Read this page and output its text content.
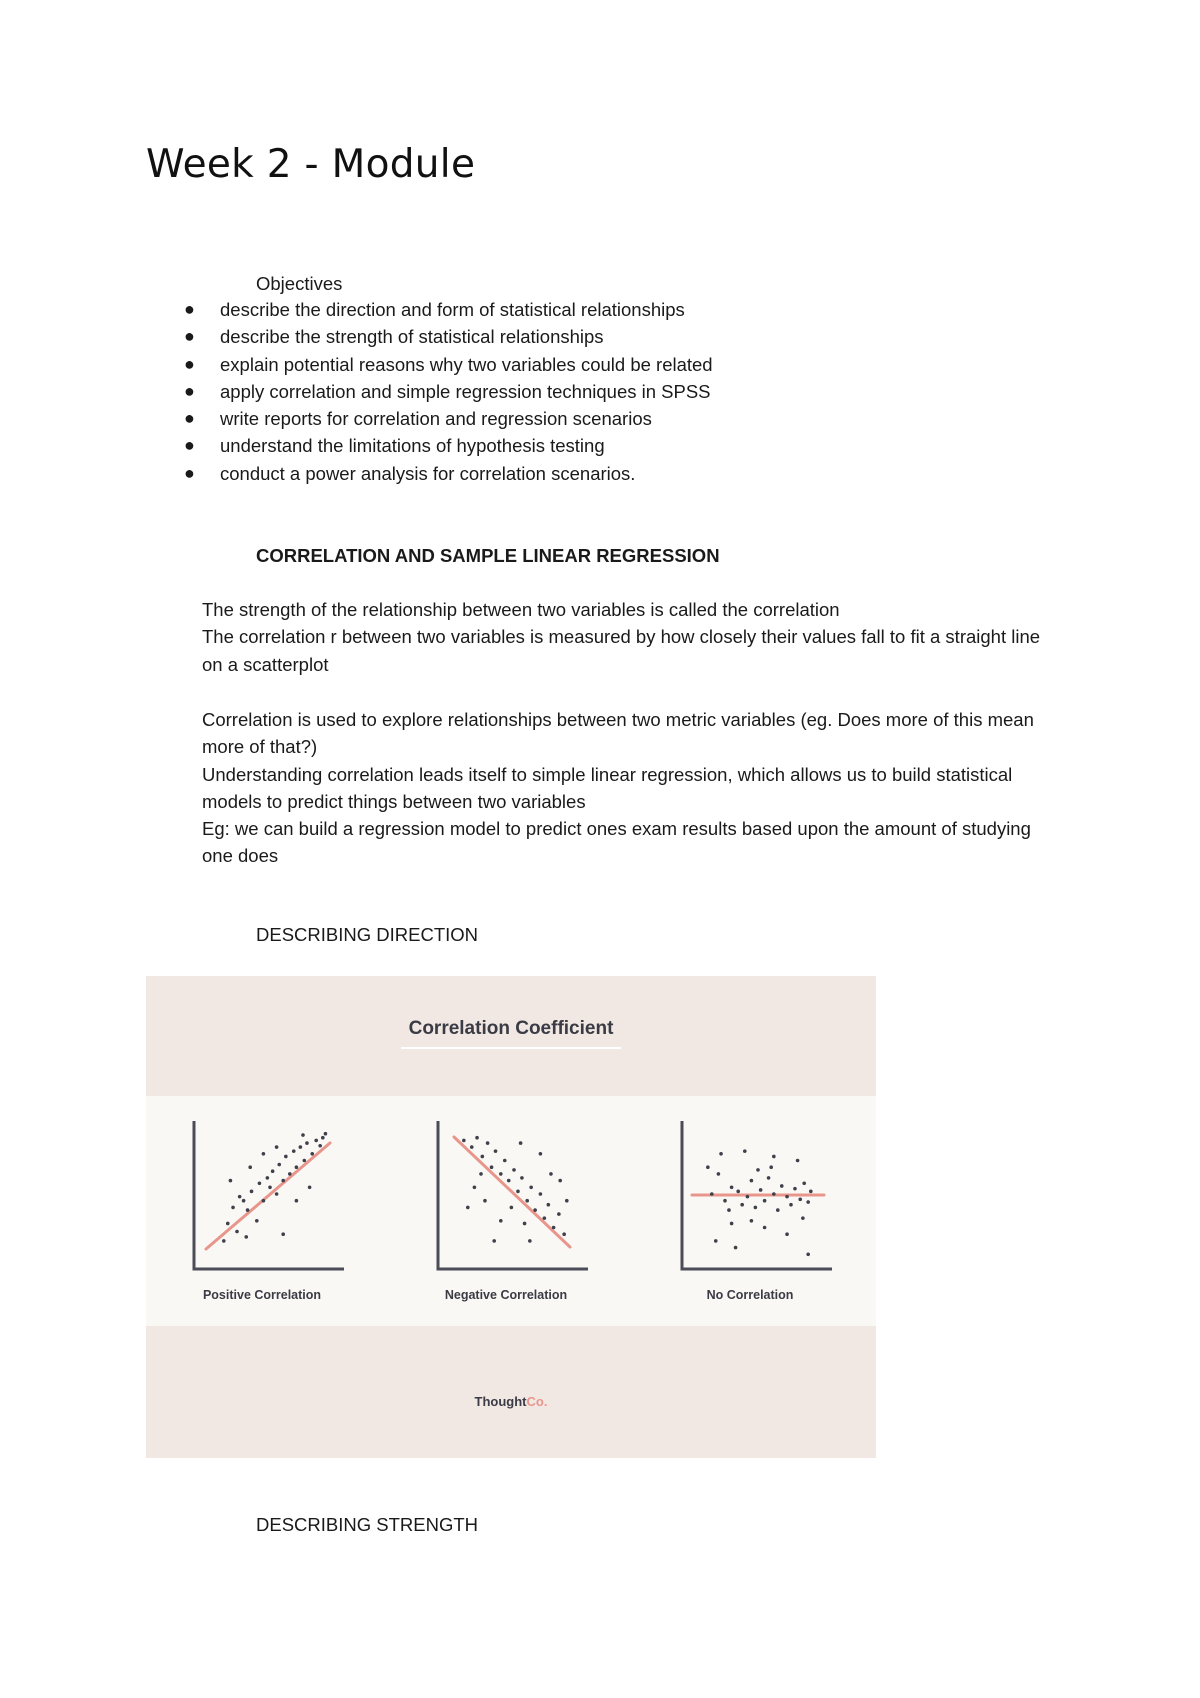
Week 2 - Module
Objectives
● describe the direction and form of statistical relationships
● describe the strength of statistical relationships
● explain potential reasons why two variables could be related
● apply correlation and simple regression techniques in SPSS
● write reports for correlation and regression scenarios
● understand the limitations of hypothesis testing
● conduct a power analysis for correlation scenarios.
CORRELATION AND SAMPLE LINEAR REGRESSION
The strength of the relationship between two variables is called the correlation
The correlation r between two variables is measured by how closely their values fall to fit a straight line on a scatterplot
Correlation is used to explore relationships between two metric variables (eg. Does more of this mean more of that?)
Understanding correlation leads itself to simple linear regression, which allows us to build statistical models to predict things between two variables
Eg: we can build a regression model to predict ones exam results based upon the amount of studying one does
DESCRIBING DIRECTION
Correlation Coefficient
Positive Correlation	Negative Correlation	No Correlation
ThoughtCo.
DESCRIBING STRENGTH
